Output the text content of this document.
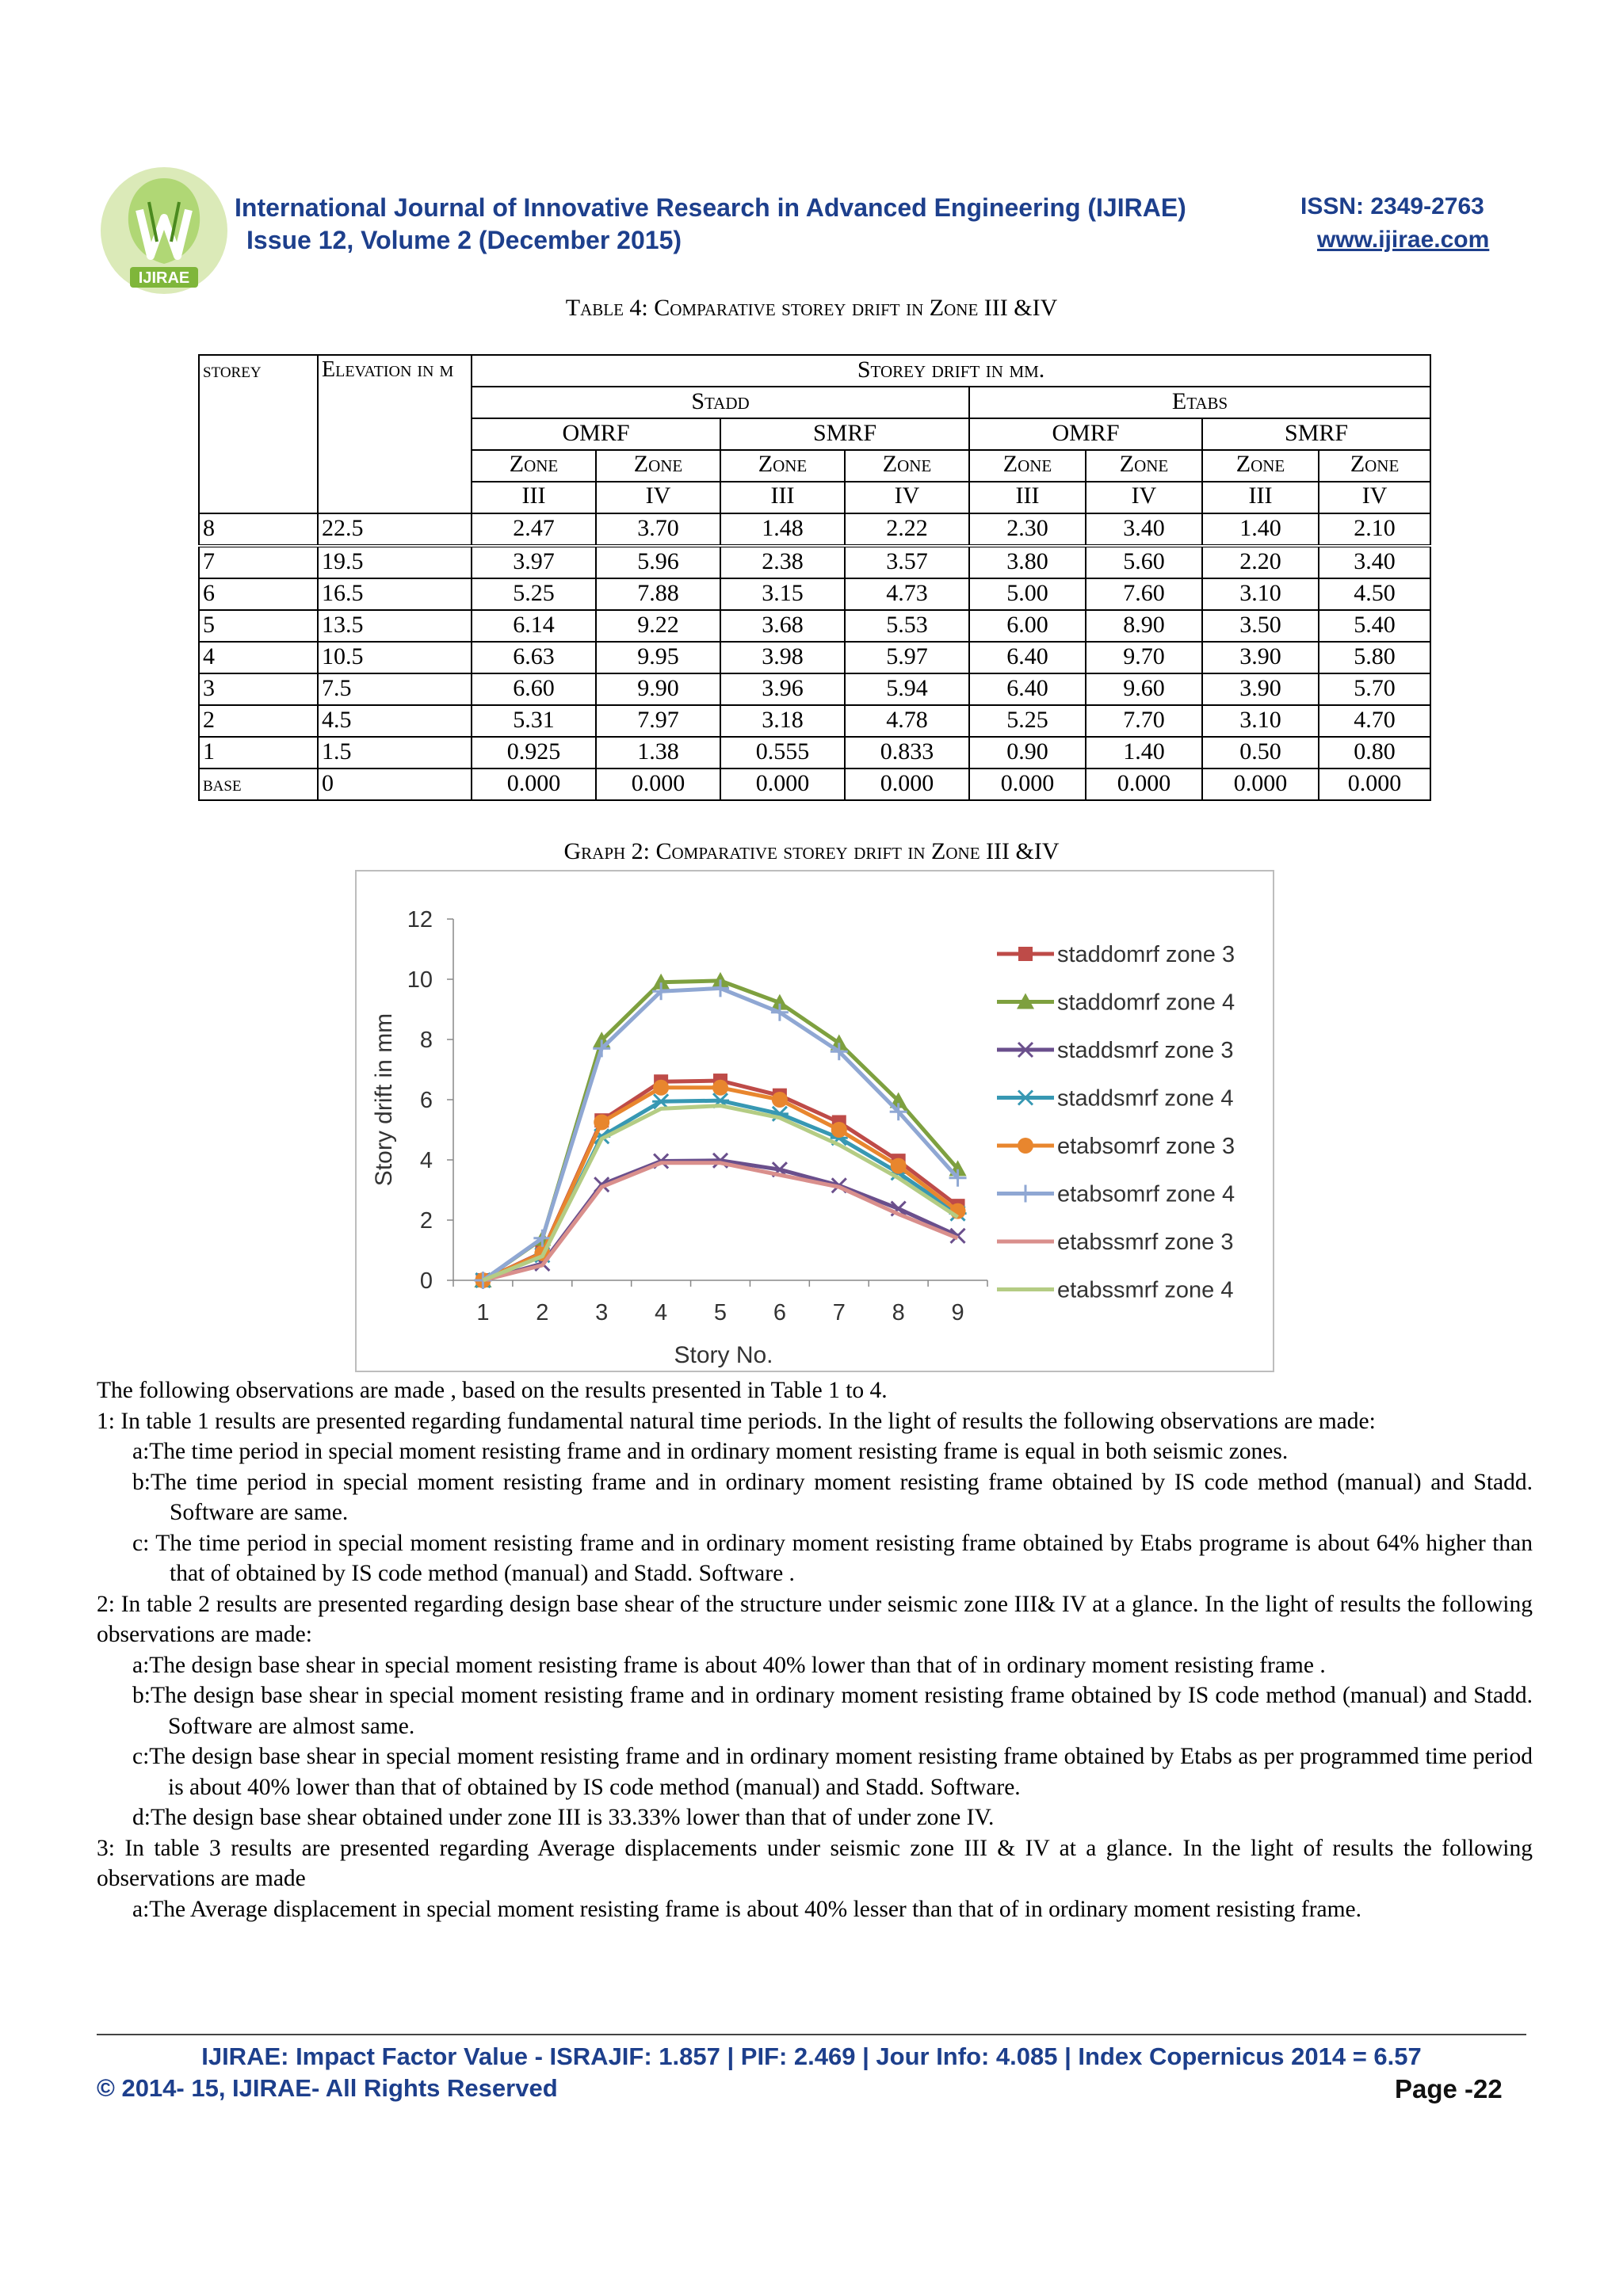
IJIRAE
International Journal of Innovative Research in Advanced Engineering (IJIRAE)
Issue 12, Volume 2 (December 2015)
ISSN: 2349-2763
www.ijirae.com
Table 4: Comparative storey drift in Zone III &IV
storey	Elevation in m	Storey drift in mm.							
		Stadd				Etabs			
		OMRF		SMRF		OMRF		SMRF	
		Zone	Zone	Zone	Zone	Zone	Zone	Zone	Zone
		III	IV	III	IV	III	IV	III	IV
8	22.5	2.47	3.70	1.48	2.22	2.30	3.40	1.40	2.10
7	19.5	3.97	5.96	2.38	3.57	3.80	5.60	2.20	3.40
6	16.5	5.25	7.88	3.15	4.73	5.00	7.60	3.10	4.50
5	13.5	6.14	9.22	3.68	5.53	6.00	8.90	3.50	5.40
4	10.5	6.63	9.95	3.98	5.97	6.40	9.70	3.90	5.80
3	7.5	6.60	9.90	3.96	5.94	6.40	9.60	3.90	5.70
2	4.5	5.31	7.97	3.18	4.78	5.25	7.70	3.10	4.70
1	1.5	0.925	1.38	0.555	0.833	0.90	1.40	0.50	0.80
base	0	0.000	0.000	0.000	0.000	0.000	0.000	0.000	0.000
Graph 2: Comparative storey drift in Zone III &IV
0
2
4
6
8
10
12
1 2 3 4 5 6 7 8 9
Story No.
Story drift in mm
staddomrf zone 3
staddomrf zone 4
staddsmrf zone 3
staddsmrf zone 4
etabsomrf zone 3
etabsomrf zone 4
etabssmrf zone 3
etabssmrf zone 4

The following observations are made , based on the results presented in Table 1 to 4.

1: In table 1 results are presented regarding fundamental natural time periods. In the light of results the following observations are made:

a:The time period in special moment resisting frame and in ordinary moment resisting frame is equal in both seismic zones.

b:The time period in special moment resisting frame and in ordinary moment resisting frame obtained by IS code method (manual) and Stadd. Software are same.

c: The time period in special moment resisting frame and in ordinary moment resisting frame obtained by Etabs programe is about 64% higher than that of obtained by IS code method (manual) and Stadd. Software .

2: In table 2 results are presented regarding design base shear of the structure under seismic zone III& IV at a glance. In the light of results the following observations are made:

a:The design base shear in special moment resisting frame is about 40% lower than that of in ordinary moment resisting frame .

b:The design base shear in special moment resisting frame and in ordinary moment resisting frame obtained by IS code method (manual) and Stadd. Software are almost same.

c:The design base shear in special moment resisting frame and in ordinary moment resisting frame obtained by Etabs as per programmed time period is about 40% lower than that of obtained by IS code method (manual) and Stadd. Software.

d:The design base shear obtained under zone III is 33.33% lower than that of under zone IV.

3: In table 3 results are presented regarding Average displacements under seismic zone III & IV at a glance. In the light of results the following observations are made

a:The Average displacement in special moment resisting frame is about 40% lesser than that of in ordinary moment resisting frame.

IJIRAE: Impact Factor Value - ISRAJIF: 1.857 | PIF: 2.469 | Jour Info: 4.085 | Index Copernicus 2014 = 6.57
© 2014- 15, IJIRAE- All Rights Reserved	Page -22
